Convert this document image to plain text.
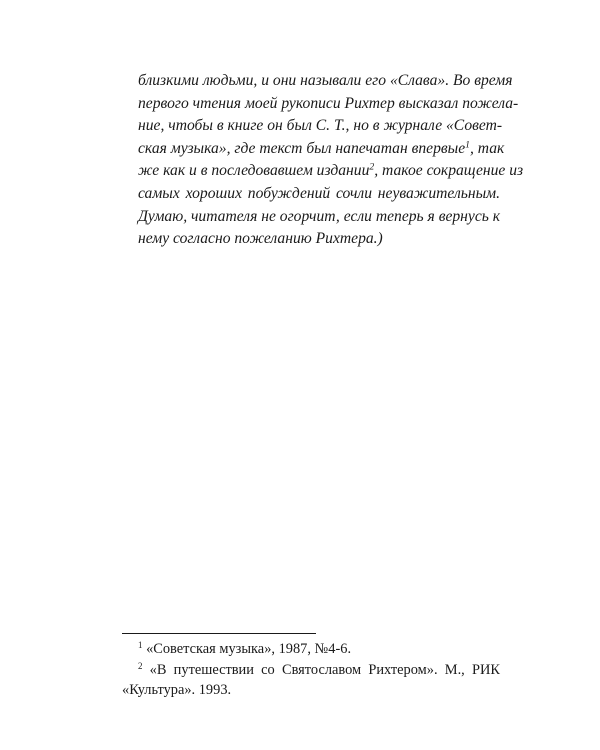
близкими людьми, и они называли его «Слава». Во время
первого чтения моей рукописи Рихтер высказал пожела-
ние, чтобы в книге он был С. Т., но в журнале «Совет-
ская музыка», где текст был напечатан впервые$^1$, так
же как и в последовавшем издании$^2$, такое сокращение из
самых хороших побуждений сочли неуважительным.
Думаю, читателя не огорчит, если теперь я вернусь к
нему согласно пожеланию Рихтера.)
$^1$ «Советская музыка», 1987, №4-6.
$^2$ «В путешествии со Святославом Рихтером». М., РИК
«Культура». 1993.
